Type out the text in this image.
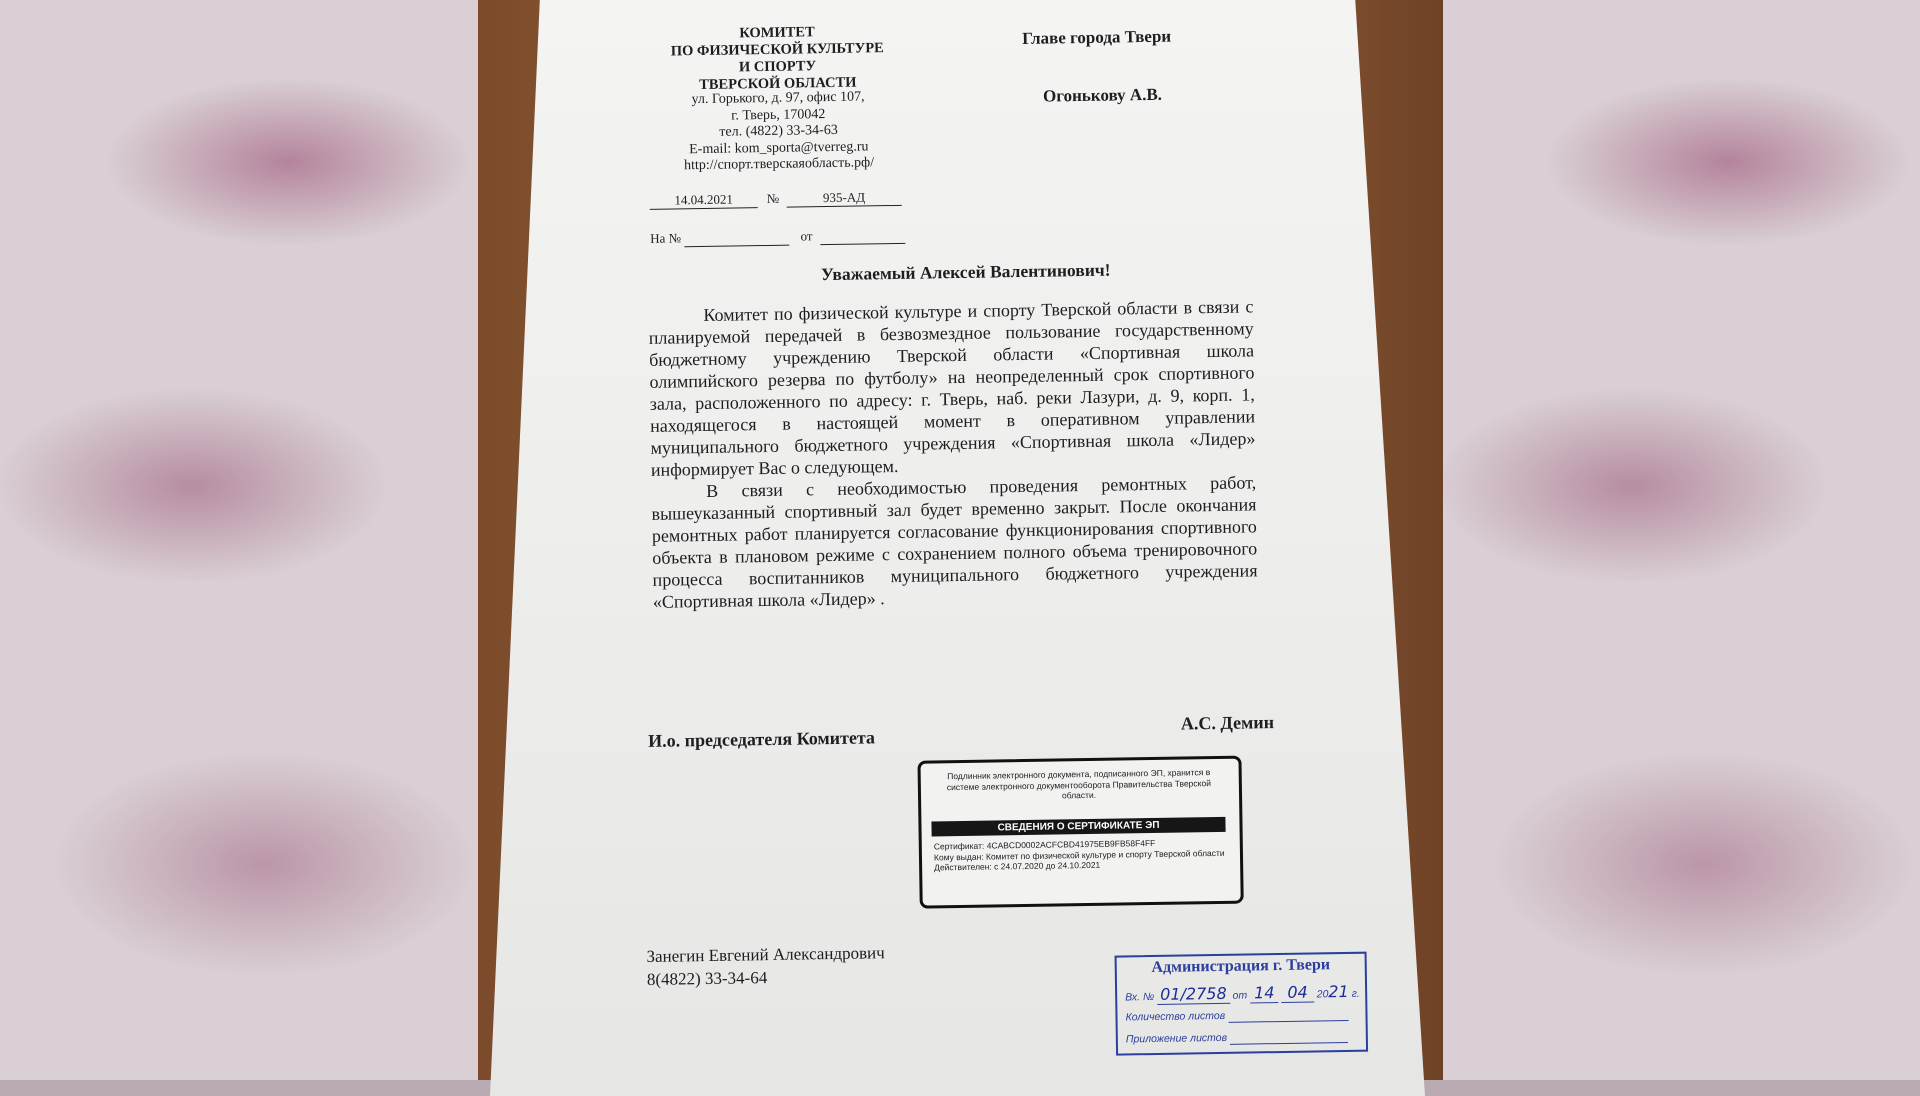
КОМИТЕТ
ПО ФИЗИЧЕСКОЙ КУЛЬТУРЕ
И СПОРТУ
ТВЕРСКОЙ ОБЛАСТИ
ул. Горького, д. 97, офис 107,
г. Тверь, 170042
тел. (4822) 33-34-63
E-mail: kom_sporta@tverreg.ru
http://спорт.тверскаяобласть.рф/
14.04.2021	№	935-АД
На №	от
Главе города Твери
Огонькову А.В.
Уважаемый Алексей Валентинович!

Комитет по физической культуре и спорту Тверской области в связи с планируемой передачей в безвозмездное пользование государственному бюджетному учреждению Тверской области «Спортивная школа олимпийского резерва по футболу» на неопределенный срок спортивного зала, расположенного по адресу: г. Тверь, наб. реки Лазури, д. 9, корп. 1, находящегося в настоящей момент в оперативном управлении муниципального бюджетного учреждения «Спортивная школа «Лидер» информирует Вас о следующем.

В связи с необходимостью проведения ремонтных работ, вышеуказанный спортивный зал будет временно закрыт. После окончания ремонтных работ планируется согласование функционирования спортивного объекта в плановом режиме с сохранением полного объема тренировочного процесса воспитанников муниципального бюджетного учреждения «Спортивная школа «Лидер» .

И.о. председателя Комитета
А.С. Демин
Подлинник электронного документа, подписанного ЭП, хранится в системе электронного документооборота Правительства Тверской области.
СВЕДЕНИЯ О СЕРТИФИКАТЕ ЭП
Сертификат: 4CABCD0002ACFCBD41975EB9FB58F4FF
Кому выдан: Комитет по физической культуре и спорту Тверской области
Действителен: с 24.07.2020 до 24.10.2021
Занегин Евгений Александрович
8(4822) 33-34-64
Администрация г. Твери
Вх. № 01/2758 от 14 04 2021 г.
Количество листов
Приложение листов
